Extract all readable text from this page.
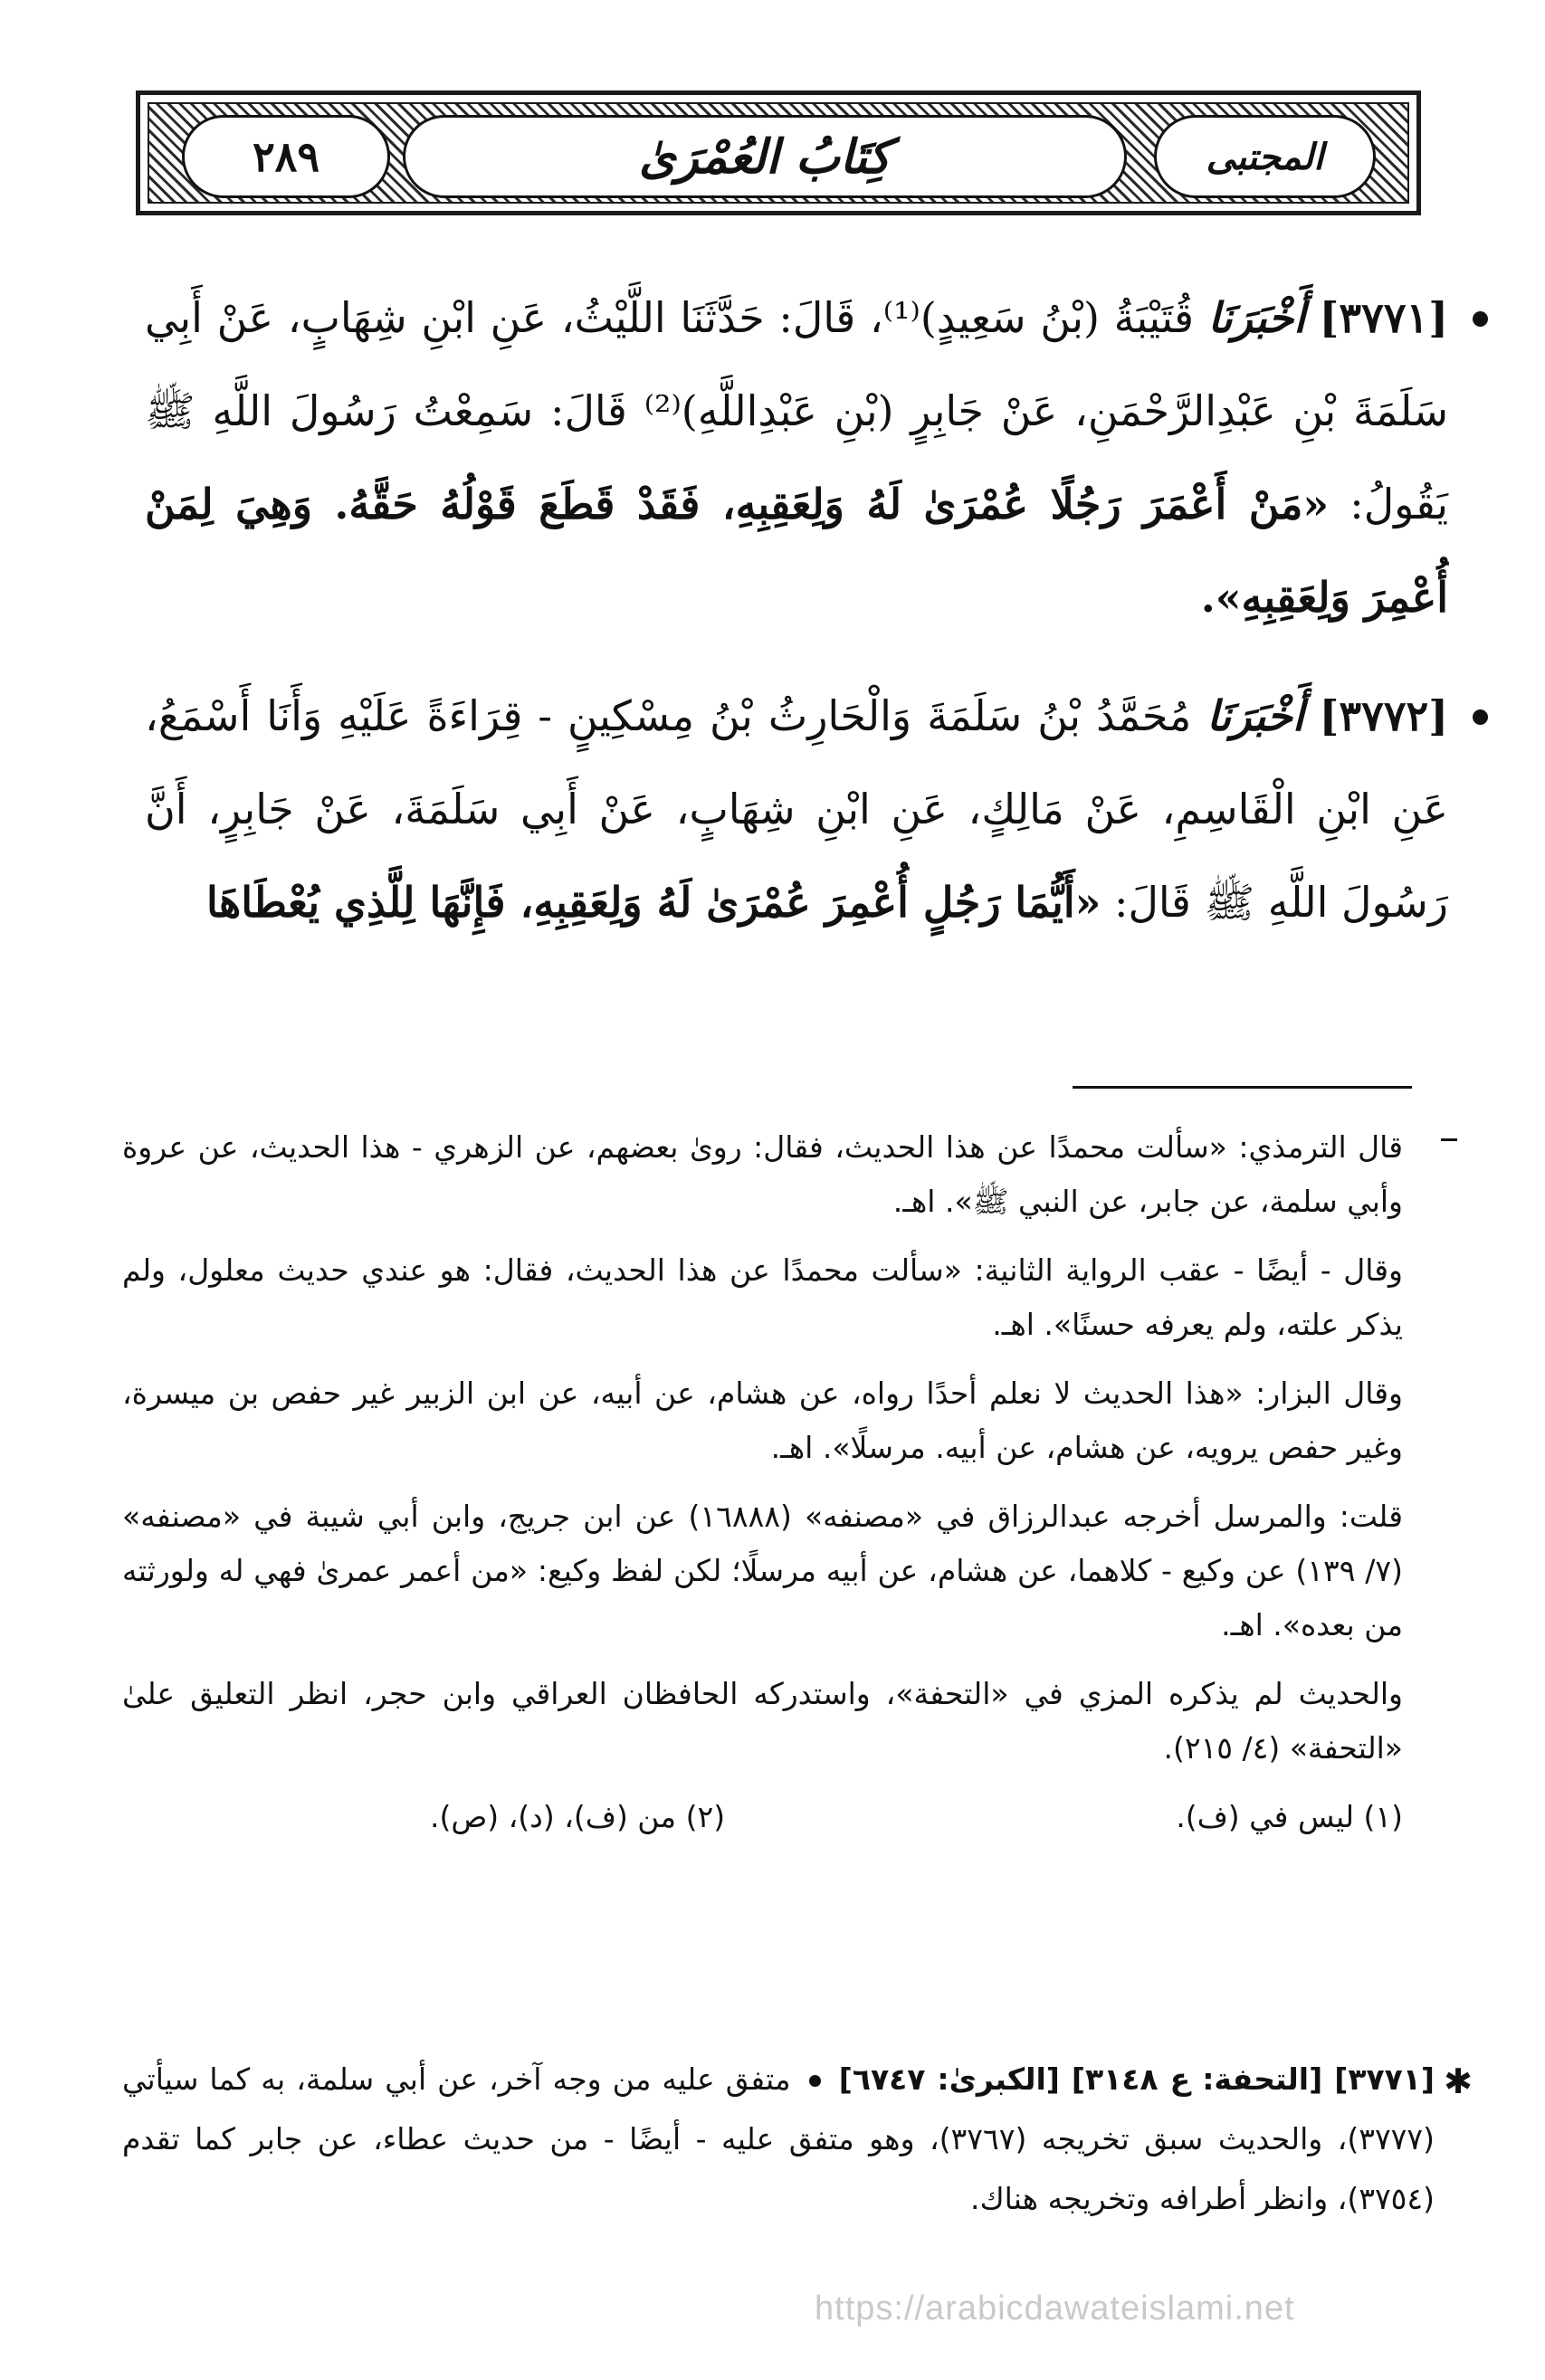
٢٨٩	كِتَابُ العُمْرَىٰ	المجتبى
[٣٧٧١] أَخْبَرَنَا قُتَيْبَةُ (بْنُ سَعِيدٍ)⁽¹⁾، قَالَ: حَدَّثَنَا اللَّيْثُ، عَنِ ابْنِ شِهَابٍ، عَنْ أَبِي سَلَمَةَ بْنِ عَبْدِالرَّحْمَنِ، عَنْ جَابِرٍ (بْنِ عَبْدِاللَّهِ)⁽²⁾ قَالَ: سَمِعْتُ رَسُولَ اللَّهِ ﷺ يَقُولُ: «مَنْ أَعْمَرَ رَجُلًا عُمْرَىٰ لَهُ وَلِعَقِبِهِ، فَقَدْ قَطَعَ قَوْلُهُ حَقَّهُ. وَهِيَ لِمَنْ أُعْمِرَ وَلِعَقِبِهِ».
[٣٧٧٢] أَخْبَرَنَا مُحَمَّدُ بْنُ سَلَمَةَ وَالْحَارِثُ بْنُ مِسْكِينٍ - قِرَاءَةً عَلَيْهِ وَأَنَا أَسْمَعُ، عَنِ ابْنِ الْقَاسِمِ، عَنْ مَالِكٍ، عَنِ ابْنِ شِهَابٍ، عَنْ أَبِي سَلَمَةَ، عَنْ جَابِرٍ، أَنَّ رَسُولَ اللَّهِ ﷺ قَالَ: «أَيُّمَا رَجُلٍ أُعْمِرَ عُمْرَىٰ لَهُ وَلِعَقِبِهِ، فَإِنَّهَا لِلَّذِي يُعْطَاهَا

قال الترمذي: «سألت محمدًا عن هذا الحديث، فقال: روىٰ بعضهم، عن الزهري - هذا الحديث، عن عروة وأبي سلمة، عن جابر، عن النبي ﷺ». اهـ.

وقال - أيضًا - عقب الرواية الثانية: «سألت محمدًا عن هذا الحديث، فقال: هو عندي حديث معلول، ولم يذكر علته، ولم يعرفه حسنًا». اهـ.

وقال البزار: «هذا الحديث لا نعلم أحدًا رواه، عن هشام، عن أبيه، عن ابن الزبير غير حفص بن ميسرة، وغير حفص يرويه، عن هشام، عن أبيه. مرسلًا». اهـ.

قلت: والمرسل أخرجه عبدالرزاق في «مصنفه» (١٦٨٨٨) عن ابن جريج، وابن أبي شيبة في «مصنفه» (٧/ ١٣٩) عن وكيع - كلاهما، عن هشام، عن أبيه مرسلًا؛ لكن لفظ وكيع: «من أعمر عمرىٰ فهي له ولورثته من بعده». اهـ.

والحديث لم يذكره المزي في «التحفة»، واستدركه الحافظان العراقي وابن حجر، انظر التعليق علىٰ «التحفة» (٤/ ٢١٥).

(١) ليس في (ف).
(٢) من (ف)، (د)، (ص).
✱

[٣٧٧١] [التحفة: ع ٣١٤٨] [الكبرىٰ: ٦٧٤٧]  متفق عليه من وجه آخر، عن أبي سلمة، به كما سيأتي (٣٧٧٧)، والحديث سبق تخريجه (٣٧٦٧)، وهو متفق عليه - أيضًا - من حديث عطاء، عن جابر كما تقدم (٣٧٥٤)، وانظر أطرافه وتخريجه هناك.

https://arabicdawateislami.net
